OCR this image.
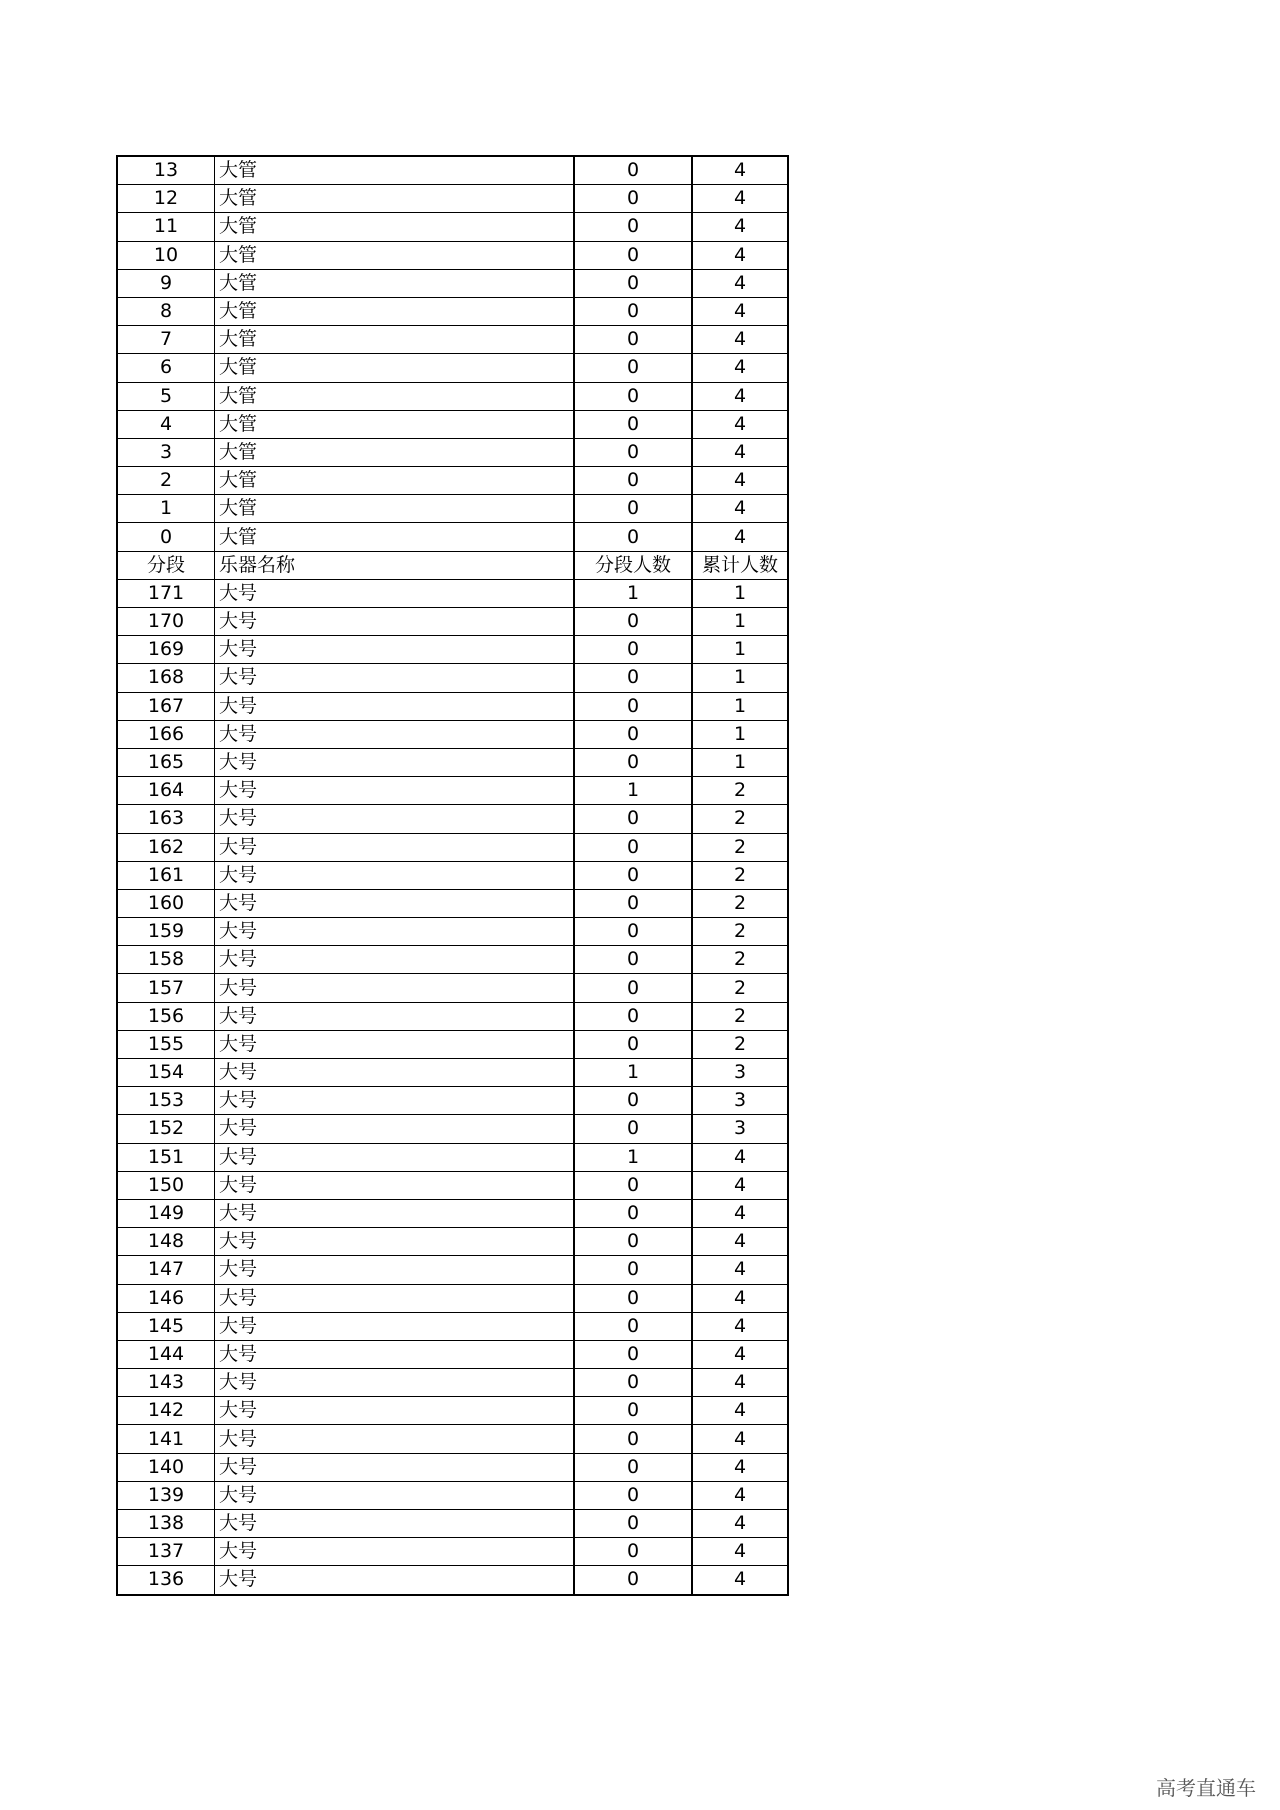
13	大管	0	4
12	大管	0	4
11	大管	0	4
10	大管	0	4
9	大管	0	4
8	大管	0	4
7	大管	0	4
6	大管	0	4
5	大管	0	4
4	大管	0	4
3	大管	0	4
2	大管	0	4
1	大管	0	4
0	大管	0	4
分段	乐器名称	分段人数	累计人数
171	大号	1	1
170	大号	0	1
169	大号	0	1
168	大号	0	1
167	大号	0	1
166	大号	0	1
165	大号	0	1
164	大号	1	2
163	大号	0	2
162	大号	0	2
161	大号	0	2
160	大号	0	2
159	大号	0	2
158	大号	0	2
157	大号	0	2
156	大号	0	2
155	大号	0	2
154	大号	1	3
153	大号	0	3
152	大号	0	3
151	大号	1	4
150	大号	0	4
149	大号	0	4
148	大号	0	4
147	大号	0	4
146	大号	0	4
145	大号	0	4
144	大号	0	4
143	大号	0	4
142	大号	0	4
141	大号	0	4
140	大号	0	4
139	大号	0	4
138	大号	0	4
137	大号	0	4
136	大号	0	4
高考直通车
